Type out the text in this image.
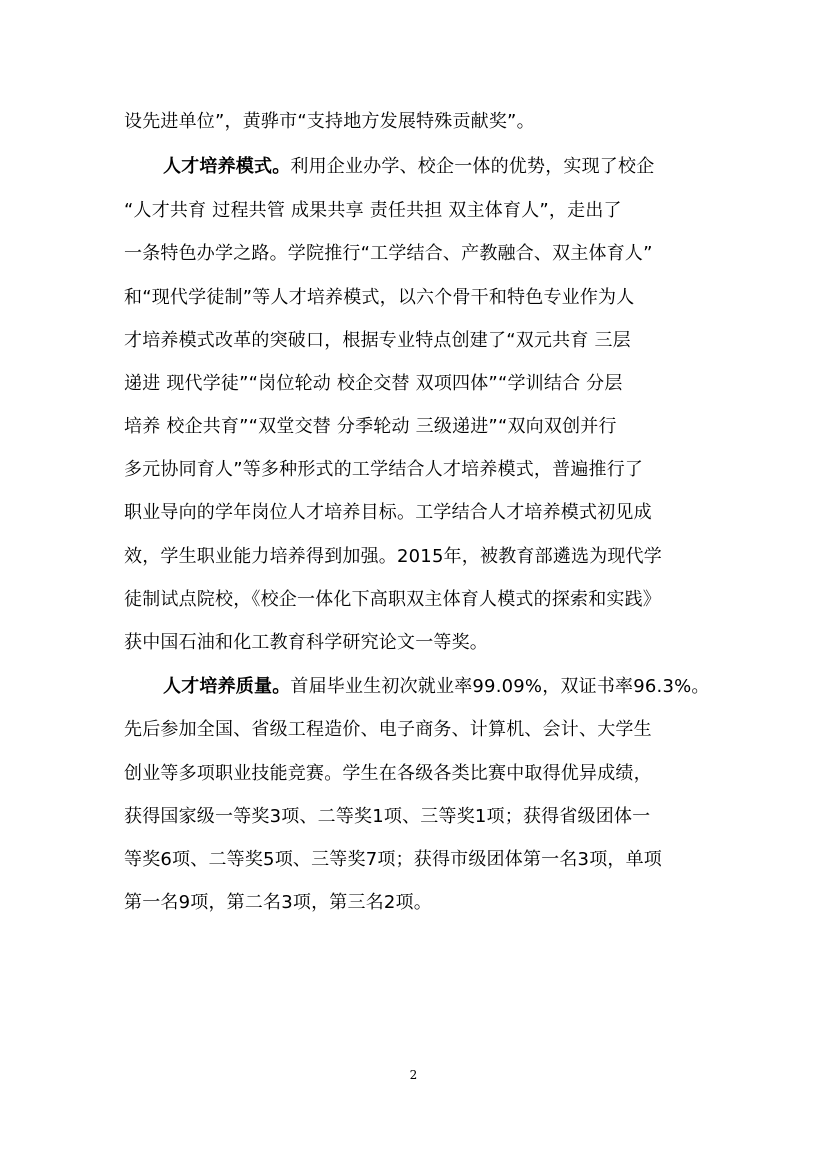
设先进单位”，黄骅市“支持地方发展特殊贡献奖”。
人才培养模式。利用企业办学、校企一体的优势，实现了校企
“人才共育 过程共管 成果共享 责任共担 双主体育人”，走出了
一条特色办学之路。学院推行“工学结合、产教融合、双主体育人”
和“现代学徒制”等人才培养模式，以六个骨干和特色专业作为人
才培养模式改革的突破口，根据专业特点创建了“双元共育 三层
递进 现代学徒”“岗位轮动 校企交替 双项四体”“学训结合 分层
培养 校企共育”“双堂交替 分季轮动 三级递进”“双向双创并行
多元协同育人”等多种形式的工学结合人才培养模式，普遍推行了
职业导向的学年岗位人才培养目标。工学结合人才培养模式初见成
效，学生职业能力培养得到加强。2015年，被教育部遴选为现代学
徒制试点院校，《校企一体化下高职双主体育人模式的探索和实践》
获中国石油和化工教育科学研究论文一等奖。
人才培养质量。首届毕业生初次就业率99.09%，双证书率96.3%。
先后参加全国、省级工程造价、电子商务、计算机、会计、大学生
创业等多项职业技能竞赛。学生在各级各类比赛中取得优异成绩，
获得国家级一等奖3项、二等奖1项、三等奖1项；获得省级团体一
等奖6项、二等奖5项、三等奖7项；获得市级团体第一名3项，单项
第一名9项，第二名3项，第三名2项。
2
